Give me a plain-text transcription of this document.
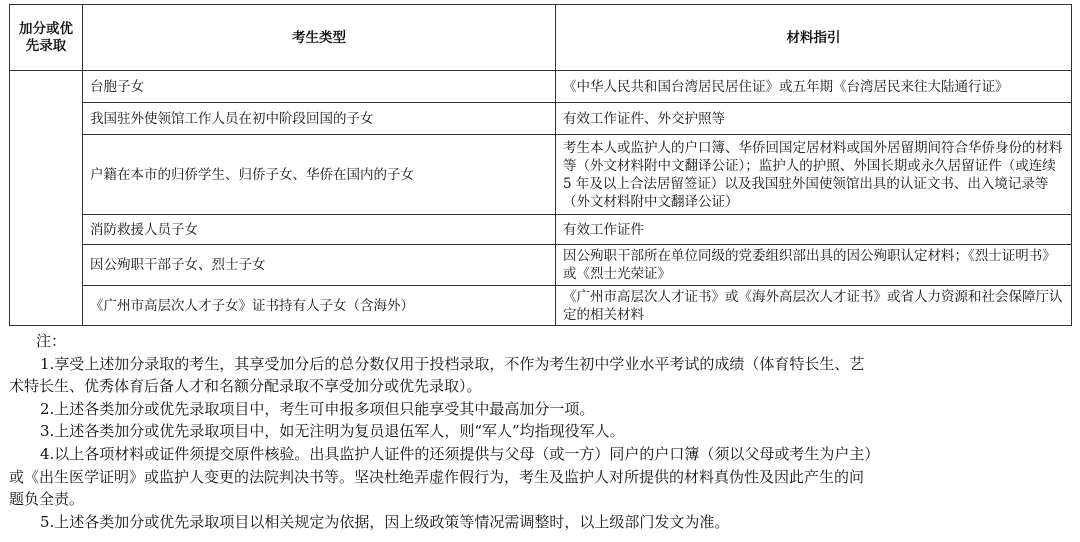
加分或优先录取	考生类型	材料指引
	台胞子女	《中华人民共和国台湾居民居住证》或五年期《台湾居民来往大陆通行证》
	我国驻外使领馆工作人员在初中阶段回国的子女	有效工作证件、外交护照等
	户籍在本市的归侨学生、归侨子女、华侨在国内的子女	考生本人或监护人的户口簿、华侨回国定居材料或国外居留期间符合华侨身份的材料等（外文材料附中文翻译公证）；监护人的护照、外国长期或永久居留证件（或连续 5 年及以上合法居留签证）以及我国驻外国使领馆出具的认证文书、出入境记录等（外文材料附中文翻译公证）
	消防救援人员子女	有效工作证件
	因公殉职干部子女、烈士子女	因公殉职干部所在单位同级的党委组织部出具的因公殉职认定材料；《烈士证明书》或《烈士光荣证》
	《广州市高层次人才子女》证书持有人子女（含海外）	《广州市高层次人才证书》或《海外高层次人才证书》或省人力资源和社会保障厅认定的相关材料
注：
1.享受上述加分录取的考生，其享受加分后的总分数仅用于投档录取，不作为考生初中学业水平考试的成绩（体育特长生、艺
术特长生、优秀体育后备人才和名额分配录取不享受加分或优先录取）。
2.上述各类加分或优先录取项目中，考生可申报多项但只能享受其中最高加分一项。
3.上述各类加分或优先录取项目中，如无注明为复员退伍军人，则“军人”均指现役军人。
4.以上各项材料或证件须提交原件核验。出具监护人证件的还须提供与父母（或一方）同户的户口簿（须以父母或考生为户主）
或《出生医学证明》或监护人变更的法院判决书等。坚决杜绝弄虚作假行为，考生及监护人对所提供的材料真伪性及因此产生的问
题负全责。
5.上述各类加分或优先录取项目以相关规定为依据，因上级政策等情况需调整时，以上级部门发文为准。
